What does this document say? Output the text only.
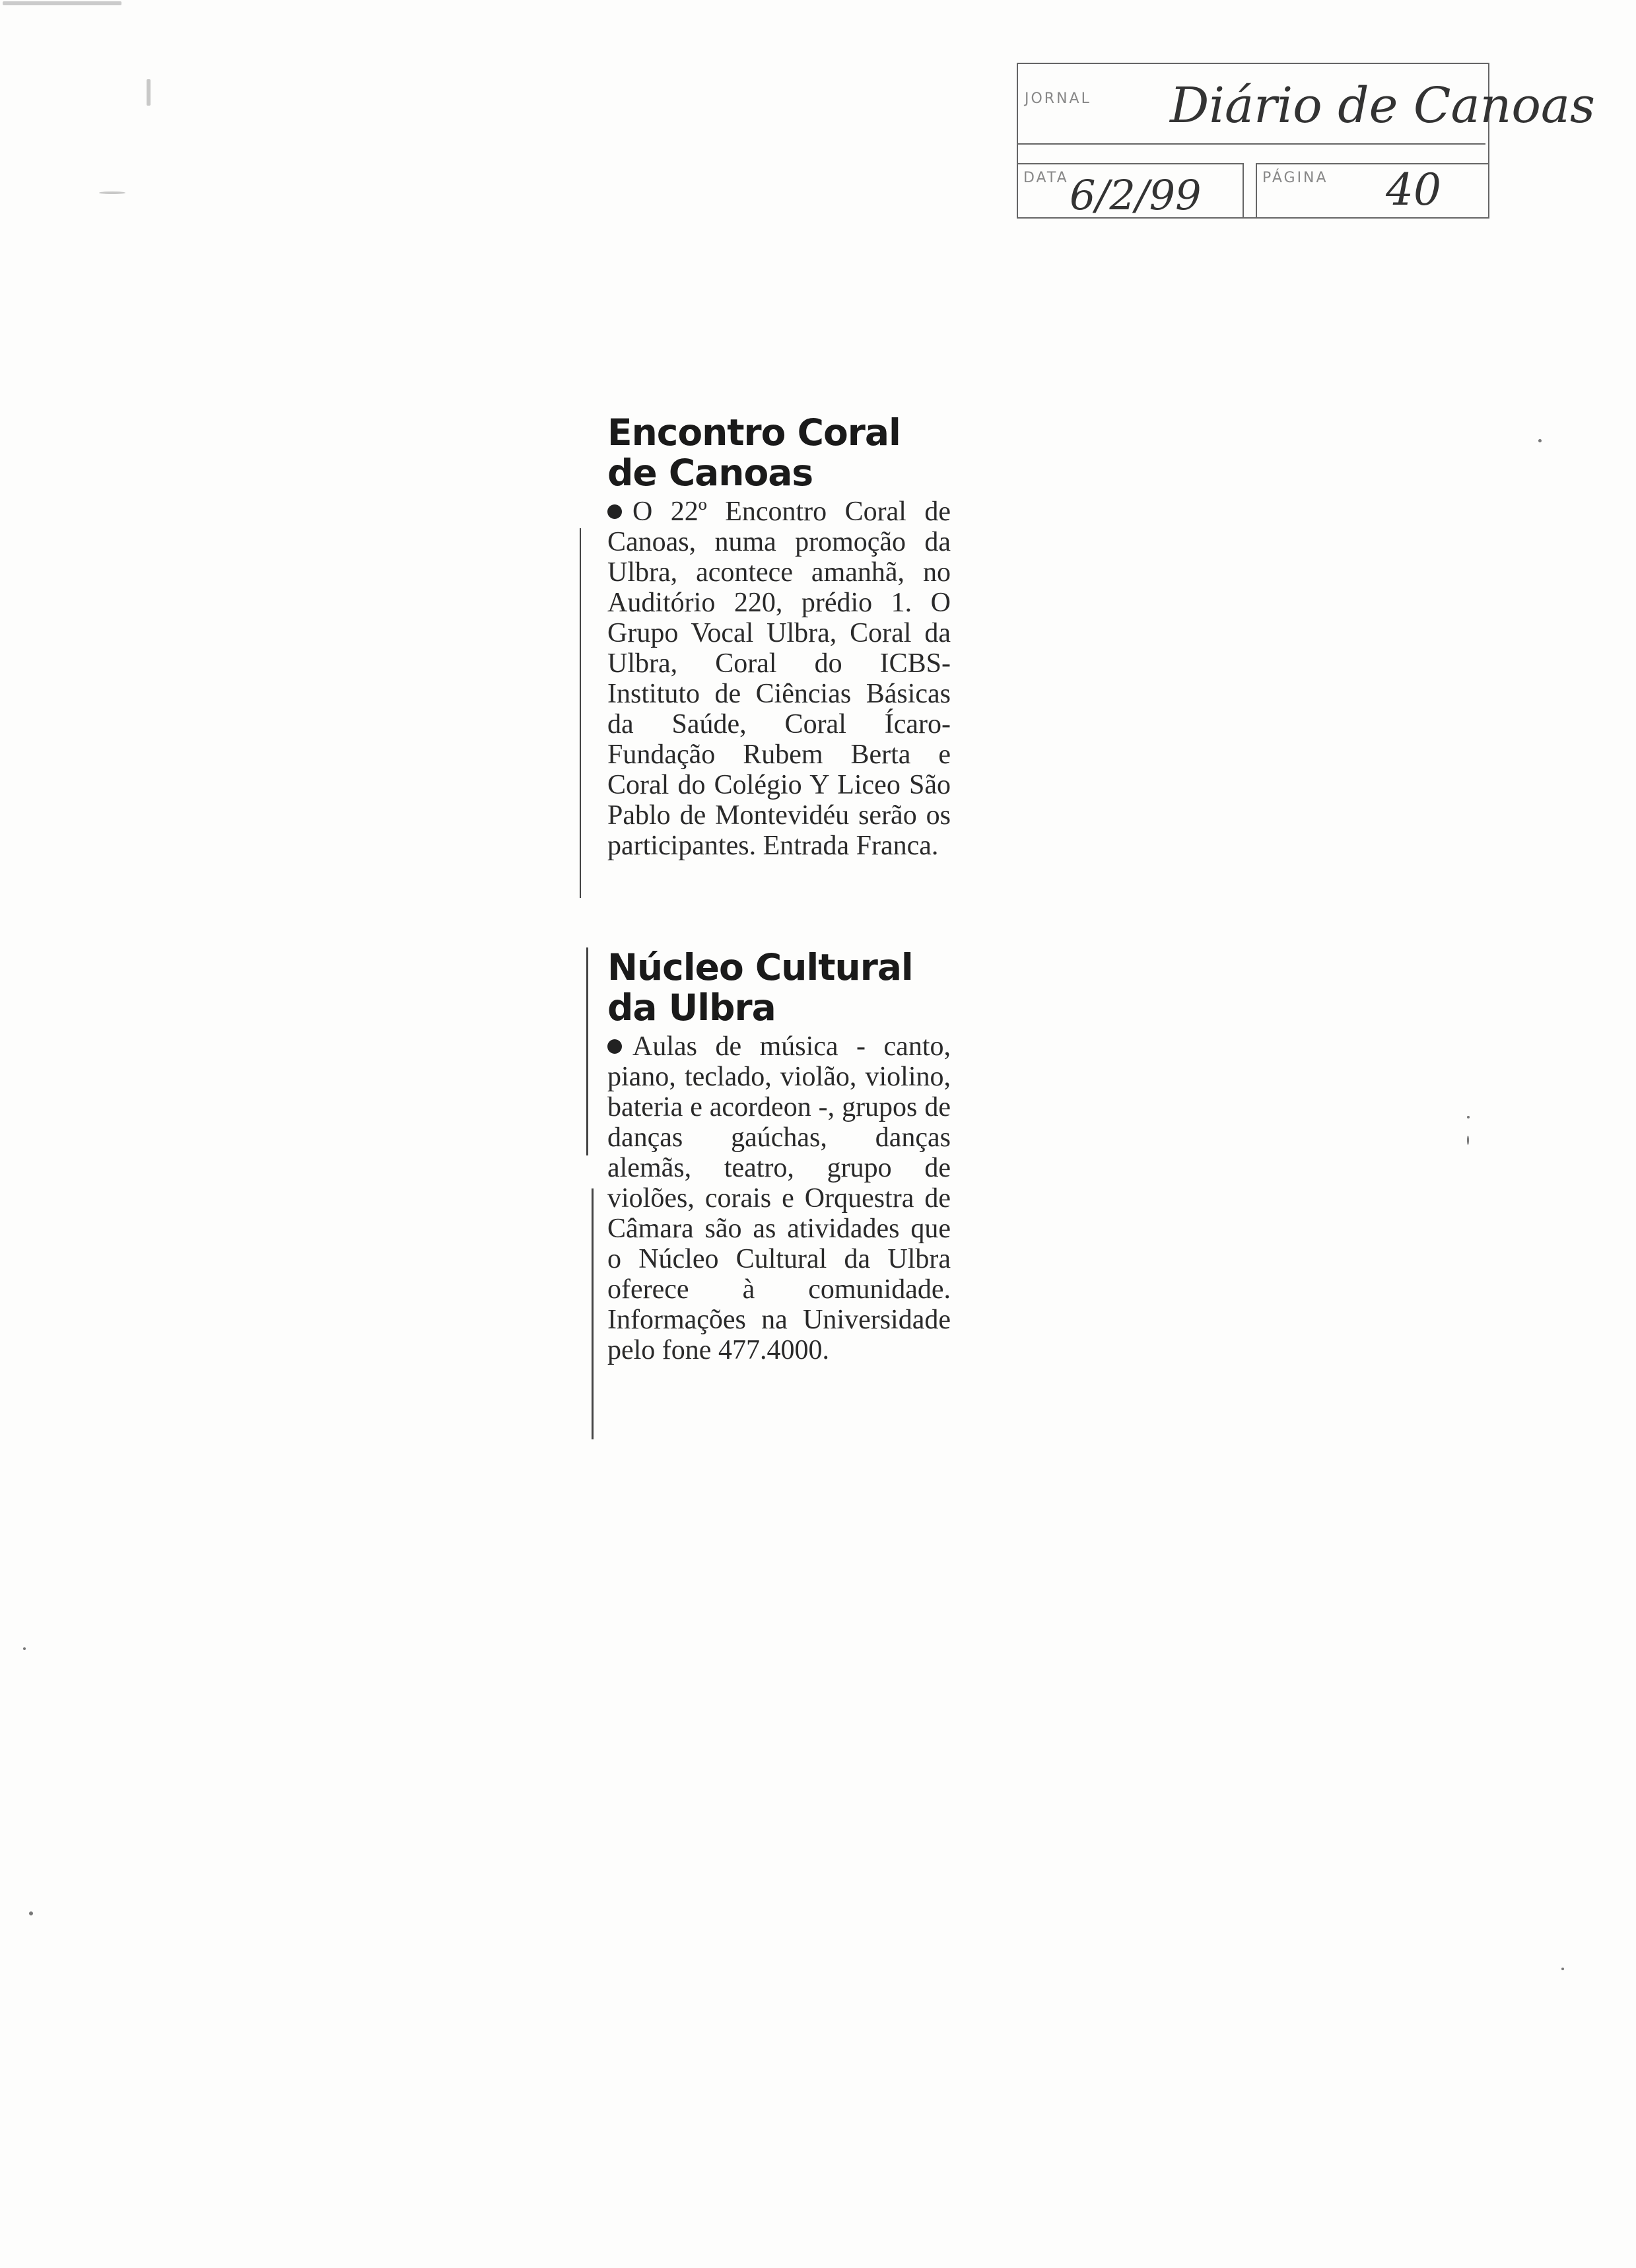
JORNAL Diário de Canoas
DATA 6/2/99	PÁGINA 40
Encontro Coral
de Canoas

O 22º Encontro Coral de Canoas, numa promoção da Ulbra, acontece amanhã, no Auditório 220, prédio 1. O Grupo Vocal Ulbra, Coral da Ulbra, Coral do ICBS-Instituto de Ciências Básicas da Saúde, Coral Ícaro-Fundação Rubem Berta e Coral do Colégio Y Liceo São Pablo de Montevidéu serão os participantes. Entrada Franca.

Núcleo Cultural
da Ulbra

Aulas de música - canto, piano, teclado, violão, violino, bateria e acordeon -, grupos de danças gaúchas, danças alemãs, teatro, grupo de violões, corais e Orquestra de Câmara são as atividades que o Núcleo Cultural da Ulbra oferece à comunidade. Informações na Universidade pelo fone 477.4000.
